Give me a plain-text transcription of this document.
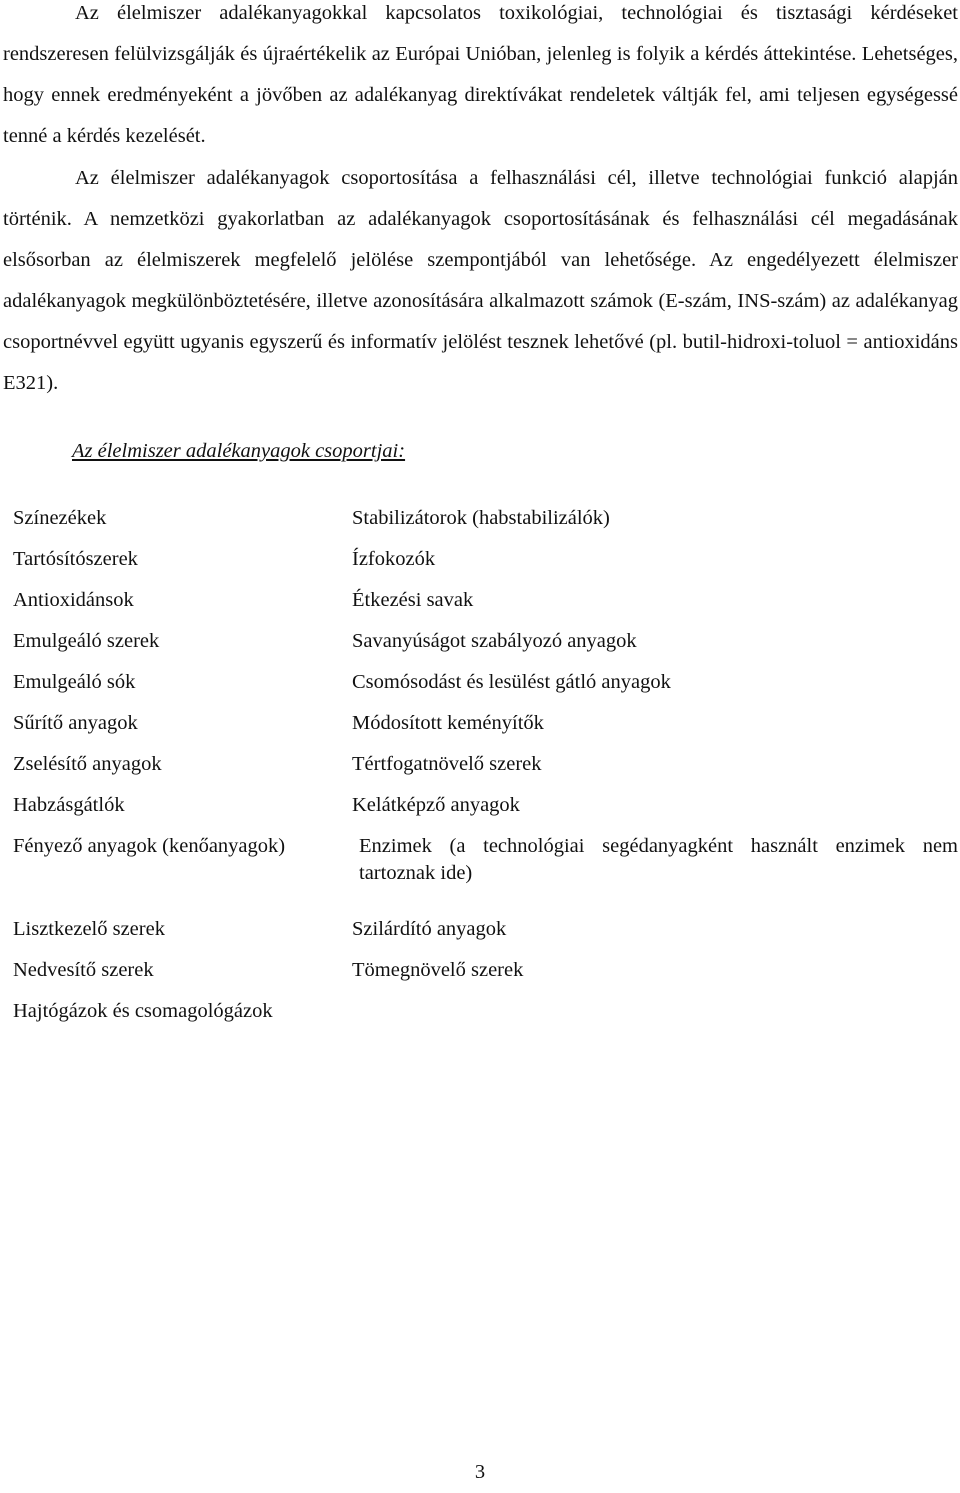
Az élelmiszer adalékanyagokkal kapcsolatos toxikológiai, technológiai és tisztasági kérdéseket rendszeresen felülvizsgálják és újraértékelik az Európai Unióban, jelenleg is folyik a kérdés áttekintése. Lehetséges, hogy ennek eredményeként a jövőben az adalékanyag direktívákat rendeletek váltják fel, ami teljesen egységessé tenné a kérdés kezelését.

Az élelmiszer adalékanyagok csoportosítása a felhasználási cél, illetve technológiai funkció alapján történik. A nemzetközi gyakorlatban az adalékanyagok csoportosításának és felhasználási cél megadásának elsősorban az élelmiszerek megfelelő jelölése szempontjából van lehetősége. Az engedélyezett élelmiszer adalékanyagok megkülönböztetésére, illetve azonosítására alkalmazott számok (E-szám, INS-szám) az adalékanyag csoportnévvel együtt ugyanis egyszerű és informatív jelölést tesznek lehetővé (pl. butil-hidroxi-toluol = antioxidáns E321).

Az élelmiszer adalékanyagok csoportjai:

Színezékek
Tartósítószerek
Antioxidánsok
Emulgeáló szerek
Emulgeáló sók
Sűrítő anyagok
Zselésítő anyagok
Habzásgátlók
Fényező anyagok (kenőanyagok)
Lisztkezelő szerek
Nedvesítő szerek
Hajtógázok és csomagológázok
Stabilizátorok (habstabilizálók)
Ízfokozók
Étkezési savak
Savanyúságot szabályozó anyagok
Csomósodást és lesülést gátló anyagok
Módosított keményítők
Tértfogatnövelő szerek
Kelátképző anyagok
Enzimek (a technológiai segédanyagként használt enzimek nem tartoznak ide)
Szilárdító anyagok
Tömegnövelő szerek

3
